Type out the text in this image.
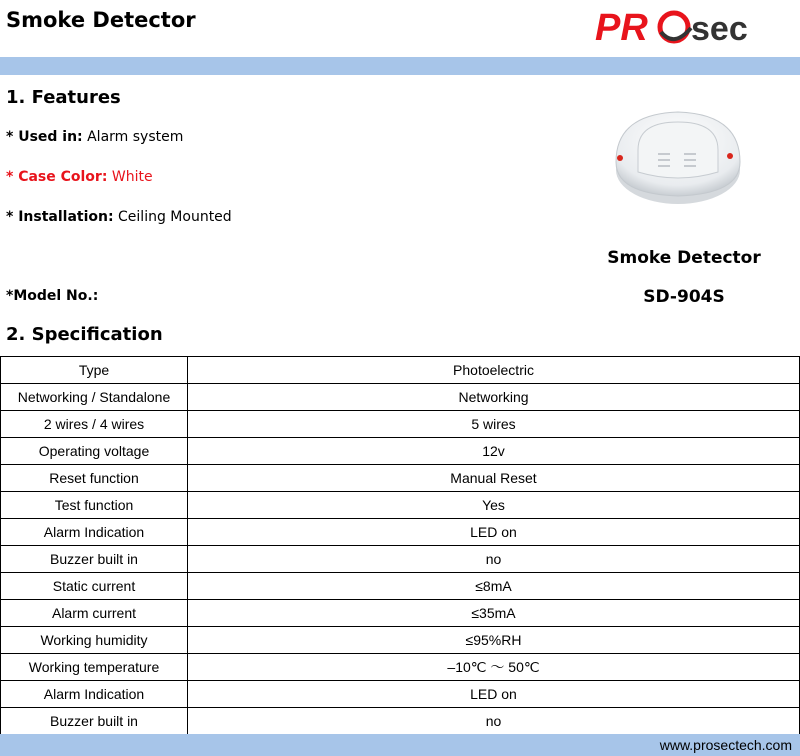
Smoke Detector	PR sec
1. Features
* Used in: Alarm system
* Case Color: White
* Installation: Ceiling Mounted
*Model No.:
Smoke Detector
SD-904S
2. Specification
Type	Photoelectric
Networking / Standalone	Networking
2 wires / 4 wires	5 wires
Operating voltage	12v
Reset function	Manual Reset
Test function	Yes
Alarm Indication	LED on
Buzzer built in	no
Static current	≤8mA
Alarm current	≤35mA
Working humidity	≤95%RH
Working temperature	–10℃ ～ 50℃
Alarm Indication	LED on
Buzzer built in	no
www.prosectech.com
